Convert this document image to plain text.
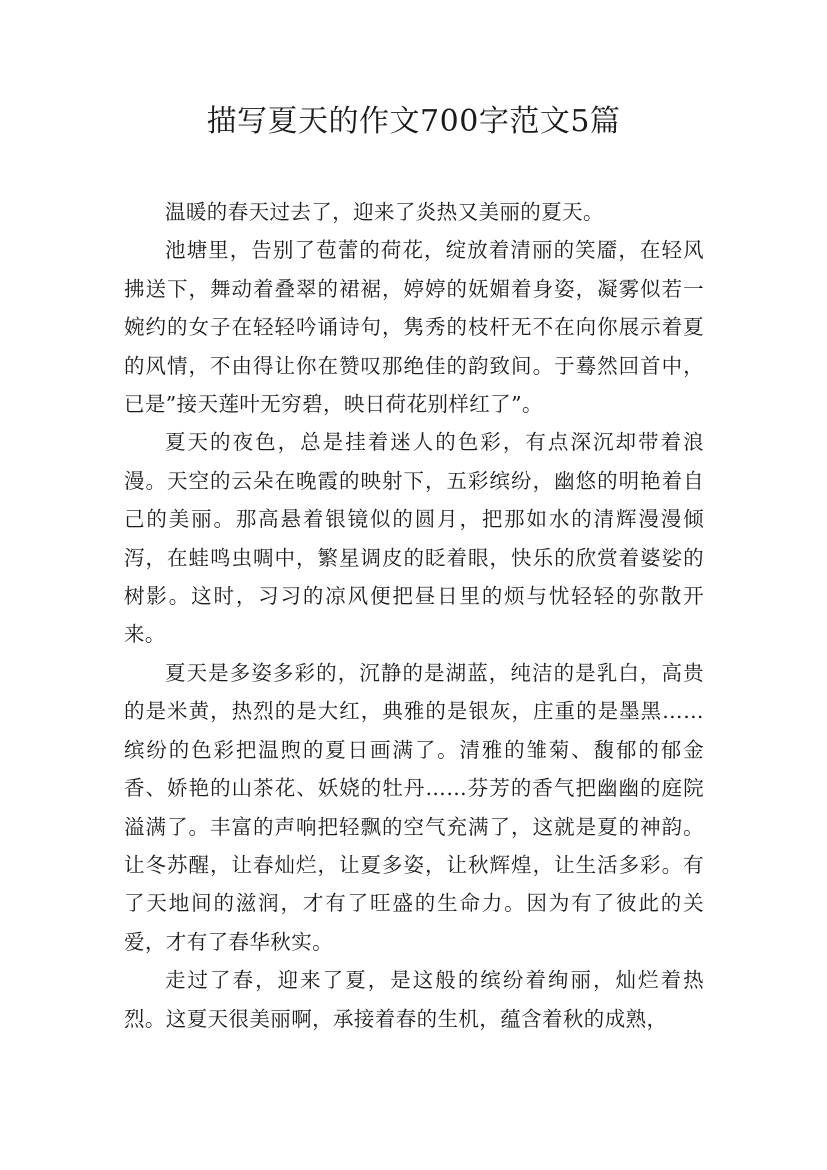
描写夏天的作文700字范文5篇

温暖的春天过去了，迎来了炎热又美丽的夏天。

池塘里，告别了苞蕾的荷花，绽放着清丽的笑靥，在轻风拂送下，舞动着叠翠的裙裾，婷婷的妩媚着身姿，凝雾似若一婉约的女子在轻轻吟诵诗句，隽秀的枝杆无不在向你展示着夏的风情，不由得让你在赞叹那绝佳的韵致间。于蓦然回首中，已是”接天莲叶无穷碧，映日荷花别样红了”。

夏天的夜色，总是挂着迷人的色彩，有点深沉却带着浪漫。天空的云朵在晚霞的映射下，五彩缤纷，幽悠的明艳着自己的美丽。那高悬着银镜似的圆月，把那如水的清辉漫漫倾泻，在蛙鸣虫啁中，繁星调皮的眨着眼，快乐的欣赏着婆娑的树影。这时，习习的凉风便把昼日里的烦与忧轻轻的弥散开来。

夏天是多姿多彩的，沉静的是湖蓝，纯洁的是乳白，高贵的是米黄，热烈的是大红，典雅的是银灰，庄重的是墨黑……缤纷的色彩把温煦的夏日画满了。清雅的雏菊、馥郁的郁金香、娇艳的山茶花、妖娆的牡丹……芬芳的香气把幽幽的庭院溢满了。丰富的声响把轻飘的空气充满了，这就是夏的神韵。让冬苏醒，让春灿烂，让夏多姿，让秋辉煌，让生活多彩。有了天地间的滋润，才有了旺盛的生命力。因为有了彼此的关爱，才有了春华秋实。

走过了春，迎来了夏，是这般的缤纷着绚丽，灿烂着热烈。这夏天很美丽啊，承接着春的生机，蕴含着秋的成熟，
